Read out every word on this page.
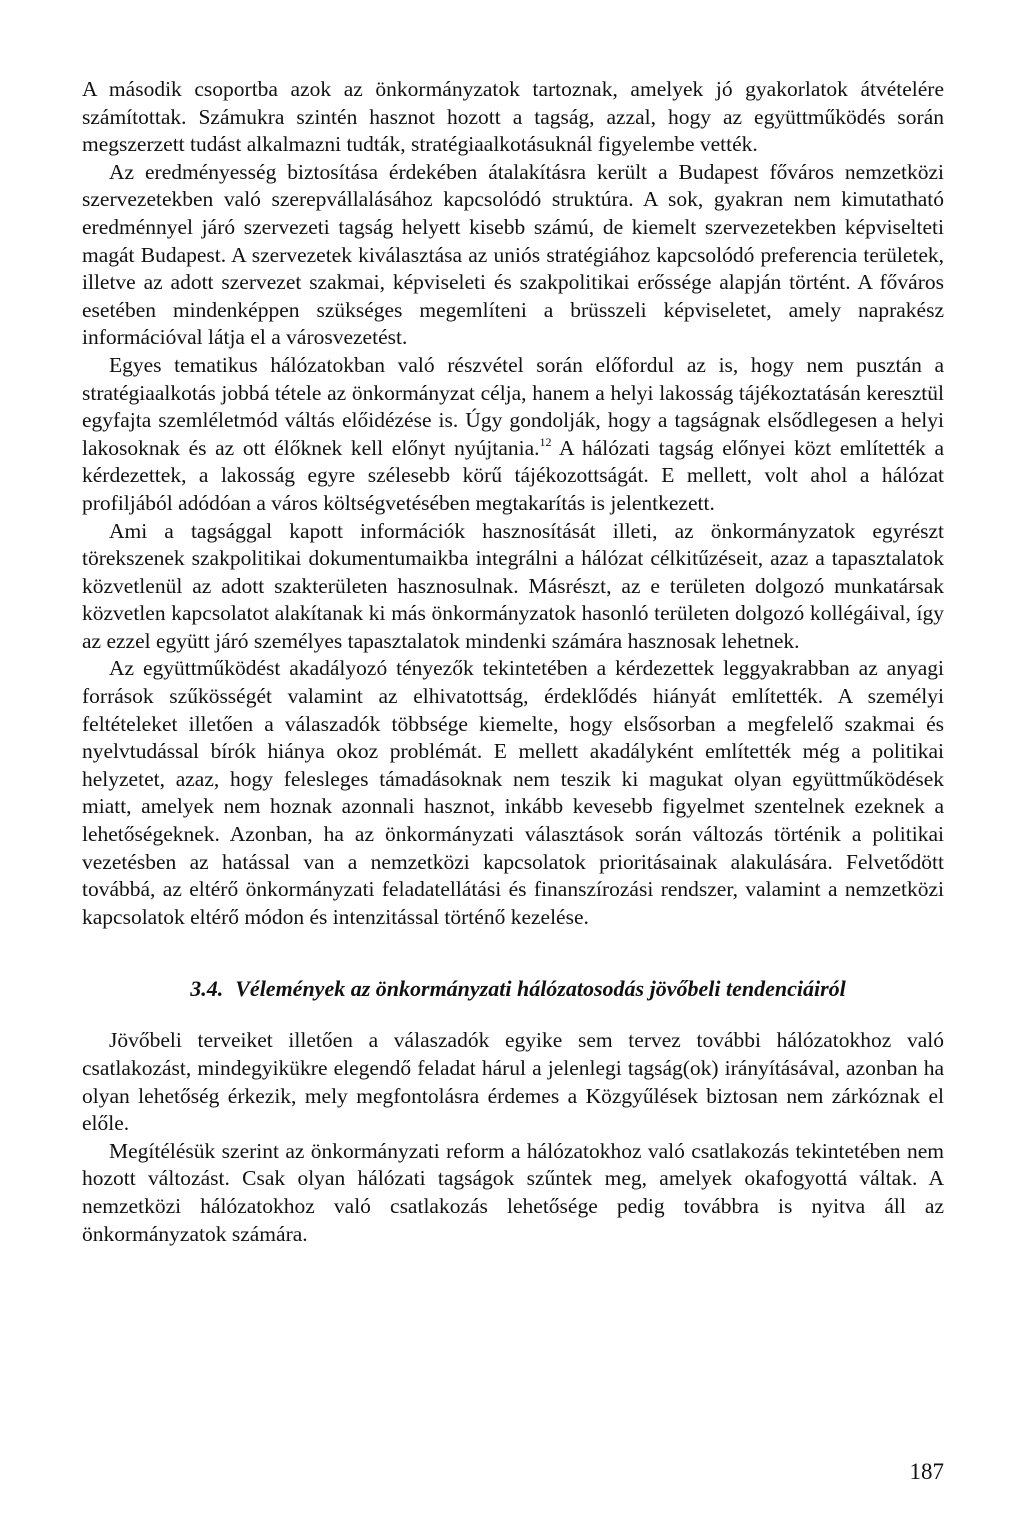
A második csoportba azok az önkormányzatok tartoznak, amelyek jó gyakorlatok átvételére számítottak. Számukra szintén hasznot hozott a tagság, azzal, hogy az együttműködés során megszerzett tudást alkalmazni tudták, stratégiaalkotásuknál figyelembe vették.

Az eredményesség biztosítása érdekében átalakításra került a Budapest főváros nemzetközi szervezetekben való szerepvállalásához kapcsolódó struktúra. A sok, gyakran nem kimutatható eredménnyel járó szervezeti tagság helyett kisebb számú, de kiemelt szervezetekben képviselteti magát Budapest. A szervezetek kiválasztása az uniós stratégiához kapcsolódó preferencia területek, illetve az adott szervezet szakmai, képviseleti és szakpolitikai erőssége alapján történt. A főváros esetében mindenképpen szükséges megemlíteni a brüsszeli képviseletet, amely naprakész információval látja el a városvezetést.

Egyes tematikus hálózatokban való részvétel során előfordul az is, hogy nem pusztán a stratégiaalkotás jobbá tétele az önkormányzat célja, hanem a helyi lakosság tájékoztatásán keresztül egyfajta szemléletmód váltás előidézése is. Úgy gondolják, hogy a tagságnak elsődlegesen a helyi lakosoknak és az ott élőknek kell előnyt nyújtania.$^{12}$ A hálózati tagság előnyei közt említették a kérdezettek, a lakosság egyre szélesebb körű tájékozottságát. E mellett, volt ahol a hálózat profiljából adódóan a város költségvetésében megtakarítás is jelentkezett.

Ami a tagsággal kapott információk hasznosítását illeti, az önkormányzatok egyrészt törekszenek szakpolitikai dokumentumaikba integrálni a hálózat célkitűzéseit, azaz a tapasztalatok közvetlenül az adott szakterületen hasznosulnak. Másrészt, az e területen dolgozó munkatársak közvetlen kapcsolatot alakítanak ki más önkormányzatok hasonló területen dolgozó kollégáival, így az ezzel együtt járó személyes tapasztalatok mindenki számára hasznosak lehetnek.

Az együttműködést akadályozó tényezők tekintetében a kérdezettek leggyakrabban az anyagi források szűkösségét valamint az elhivatottság, érdeklődés hiányát említették. A személyi feltételeket illetően a válaszadók többsége kiemelte, hogy elsősorban a megfelelő szakmai és nyelvtudással bírók hiánya okoz problémát. E mellett akadályként említették még a politikai helyzetet, azaz, hogy felesleges támadásoknak nem teszik ki magukat olyan együttműködések miatt, amelyek nem hoznak azonnali hasznot, inkább kevesebb figyelmet szentelnek ezeknek a lehetőségeknek. Azonban, ha az önkormányzati választások során változás történik a politikai vezetésben az hatással van a nemzetközi kapcsolatok prioritásainak alakulására. Felvetődött továbbá, az eltérő önkormányzati feladatellátási és finanszírozási rendszer, valamint a nemzetközi kapcsolatok eltérő módon és intenzitással történő kezelése.

3.4. Vélemények az önkormányzati hálózatosodás jövőbeli tendenciáiról

Jövőbeli terveiket illetően a válaszadók egyike sem tervez további hálózatokhoz való csatlakozást, mindegyikükre elegendő feladat hárul a jelenlegi tagság(ok) irányításával, azonban ha olyan lehetőség érkezik, mely megfontolásra érdemes a Közgyűlések biztosan nem zárkóznak el előle.

Megítélésük szerint az önkormányzati reform a hálózatokhoz való csatlakozás tekintetében nem hozott változást. Csak olyan hálózati tagságok szűntek meg, amelyek okafogyottá váltak. A nemzetközi hálózatokhoz való csatlakozás lehetősége pedig továbbra is nyitva áll az önkormányzatok számára.

187
